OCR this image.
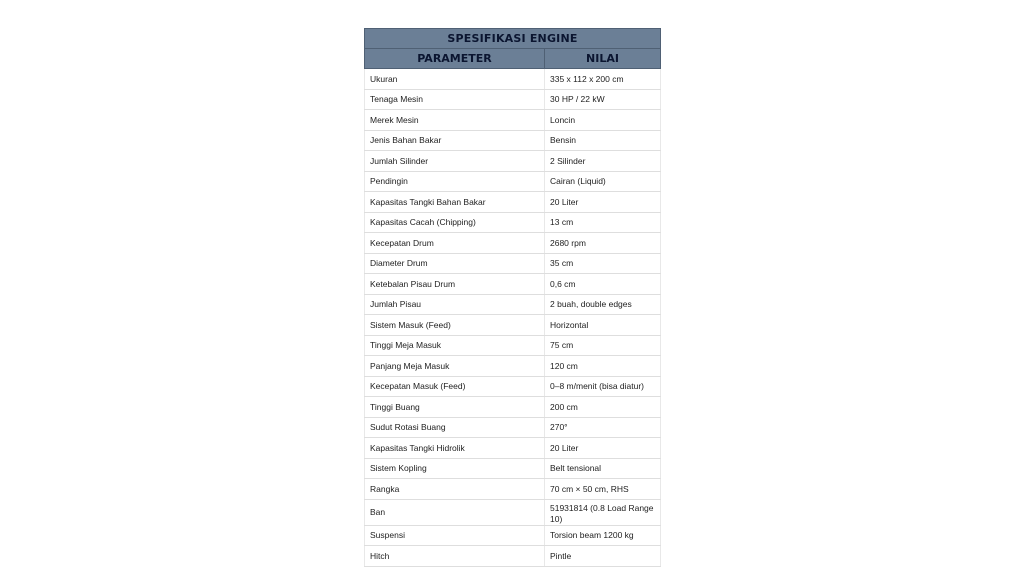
SPESIFIKASI ENGINE	
PARAMETER	NILAI
Ukuran	335 x 112 x 200 cm
Tenaga Mesin	30 HP / 22 kW
Merek Mesin	Loncin
Jenis Bahan Bakar	Bensin
Jumlah Silinder	2 Silinder
Pendingin	Cairan (Liquid)
Kapasitas Tangki Bahan Bakar	20 Liter
Kapasitas Cacah (Chipping)	13 cm
Kecepatan Drum	2680 rpm
Diameter Drum	35 cm
Ketebalan Pisau Drum	0,6 cm
Jumlah Pisau	2 buah, double edges
Sistem Masuk (Feed)	Horizontal
Tinggi Meja Masuk	75 cm
Panjang Meja Masuk	120 cm
Kecepatan Masuk (Feed)	0–8 m/menit (bisa diatur)
Tinggi Buang	200 cm
Sudut Rotasi Buang	270°
Kapasitas Tangki Hidrolik	20 Liter
Sistem Kopling	Belt tensional
Rangka	70 cm × 50 cm, RHS
Ban	51931814 (0.8 Load Range 10)
Suspensi	Torsion beam 1200 kg
Hitch	Pintle
